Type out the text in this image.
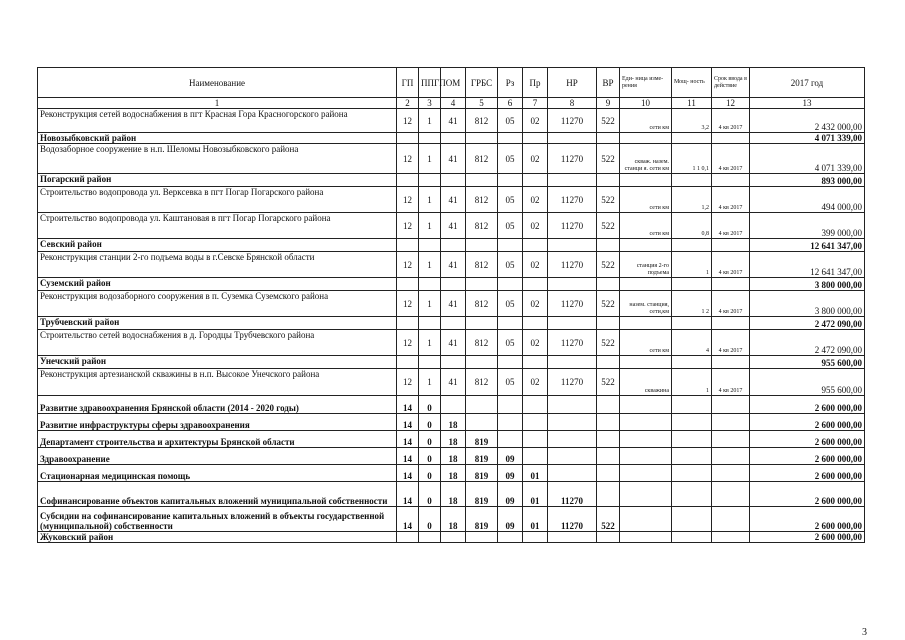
Наименование	ГП	ППГП	ОМ	ГРБС	Рз	Пр	НР	ВР	Еди- ница изме- рения	Мощ- ность	Срок ввода в действие	2017 год
1	2	3	4	5	6	7	8	9	10	11	12	13
Реконструкция сетей водоснабжения в пгт Красная Гора Красногорского района	12	1	41	812	05	02	11270	522	сети км	3,2	4 кв 2017	2 432 000,00
Новозыбковский район												4 071 339,00
Водозаборное сооружение в н.п. Шеломы Новозыбковского района	12	1	41	812	05	02	11270	522	скваж. назем. станци я. сети км	1 1 0,1	4 кв 2017	4 071 339,00
Погарский район												893 000,00
Строительство водопровода ул. Верксевка в пгт Погар Погарского района	12	1	41	812	05	02	11270	522	сети км	1,2	4 кв 2017	494 000,00
Строительство водопровода ул. Каштановая в пгт Погар Погарского района	12	1	41	812	05	02	11270	522	сети км	0,8	4 кв 2017	399 000,00
Севский район												12 641 347,00
Реконструкция станции 2-го подъема воды в г.Севске Брянской области	12	1	41	812	05	02	11270	522	станция 2-го подъема	1	4 кв 2017	12 641 347,00
Суземский район												3 800 000,00
Реконструкция водозаборного сооружения в п. Суземка Суземского района	12	1	41	812	05	02	11270	522	назем. станция, сети,км	1 2	4 кв 2017	3 800 000,00
Трубчевский район												2 472 090,00
Строительство сетей водоснабжения в д. Городцы Трубчевского района	12	1	41	812	05	02	11270	522	сети км	4	4 кв 2017	2 472 090,00
Унечский район												955 600,00
Реконструкция артезианской скважины в н.п. Высокое Унечского района	12	1	41	812	05	02	11270	522	скважина	1	4 кв 2017	955 600,00
Развитие здравоохранения Брянской области (2014 - 2020 годы)	14	0										2 600 000,00
Развитие инфраструктуры сферы здравоохранения	14	0	18									2 600 000,00
Департамент строительства и архитектуры Брянской области	14	0	18	819								2 600 000,00
Здравоохранение	14	0	18	819	09							2 600 000,00
Стационарная медицинская помощь	14	0	18	819	09	01						2 600 000,00
Софинансирование объектов капитальных вложений муниципальной собственности	14	0	18	819	09	01	11270					2 600 000,00
Субсидии на софинансирование капитальных вложений в объекты государственной (муниципальной) собственности	14	0	18	819	09	01	11270	522				2 600 000,00
Жуковский район												2 600 000,00
3
